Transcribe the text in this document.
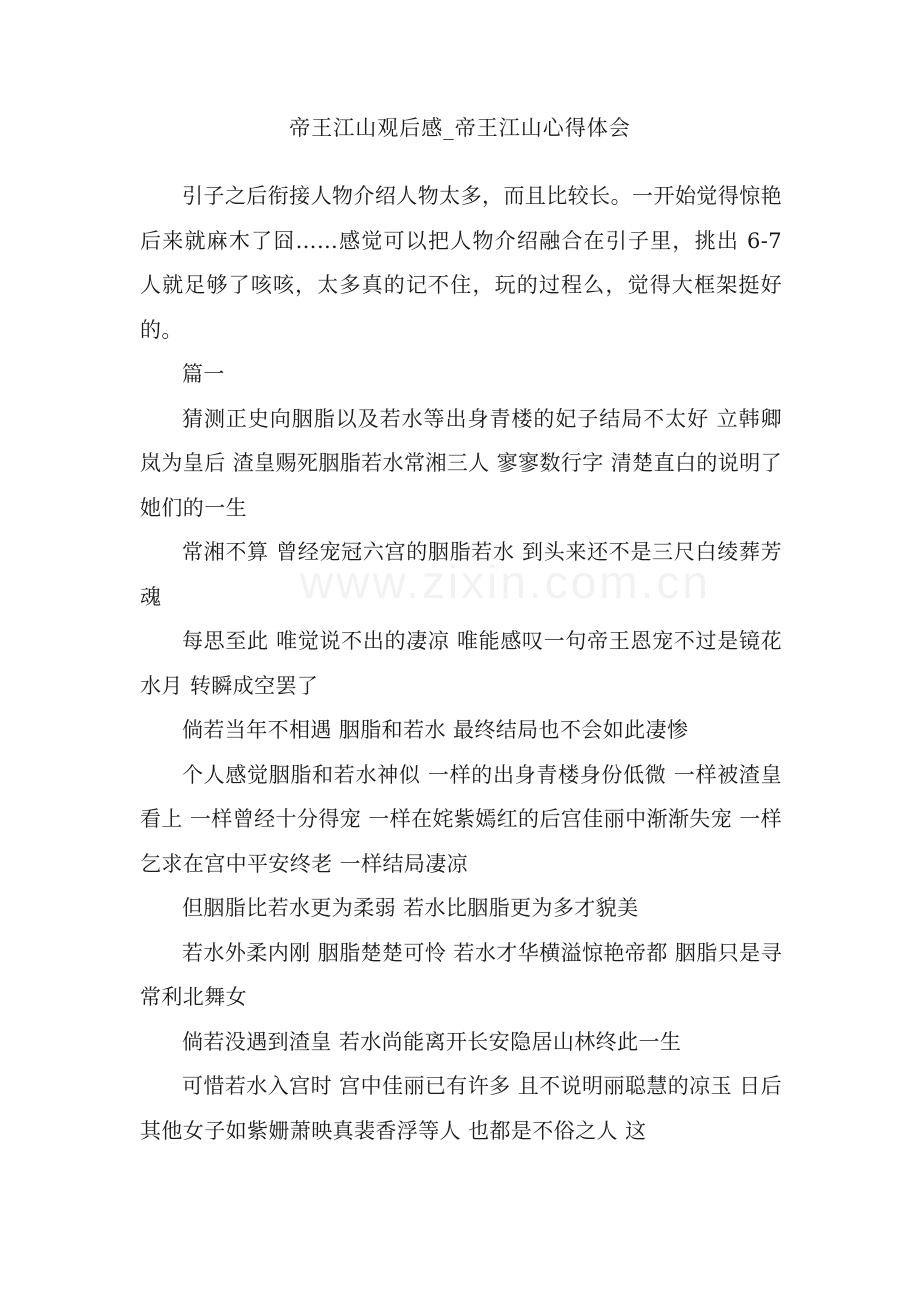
帝王江山观后感_帝王江山心得体会

引子之后衔接人物介绍人物太多，而且比较长。一开始觉得惊艳后来就麻木了囧……感觉可以把人物介绍融合在引子里，挑出 6-7 人就足够了咳咳，太多真的记不住，玩的过程么，觉得大框架挺好的。

篇一

猜测正史向胭脂以及若水等出身青楼的妃子结局不太好 立韩卿岚为皇后 渣皇赐死胭脂若水常湘三人 寥寥数行字 清楚直白的说明了她们的一生

常湘不算 曾经宠冠六宫的胭脂若水 到头来还不是三尺白绫葬芳魂

每思至此 唯觉说不出的凄凉 唯能感叹一句帝王恩宠不过是镜花水月 转瞬成空罢了

倘若当年不相遇 胭脂和若水 最终结局也不会如此凄惨

个人感觉胭脂和若水神似 一样的出身青楼身份低微 一样被渣皇看上 一样曾经十分得宠 一样在姹紫嫣红的后宫佳丽中渐渐失宠 一样乞求在宫中平安终老 一样结局凄凉

但胭脂比若水更为柔弱 若水比胭脂更为多才貌美

若水外柔内刚 胭脂楚楚可怜 若水才华横溢惊艳帝都 胭脂只是寻常利北舞女

倘若没遇到渣皇 若水尚能离开长安隐居山林终此一生

可惜若水入宫时 宫中佳丽已有许多 且不说明丽聪慧的凉玉 日后其他女子如紫姗萧映真裴香浮等人 也都是不俗之人 这

www.zixin.com.cn
